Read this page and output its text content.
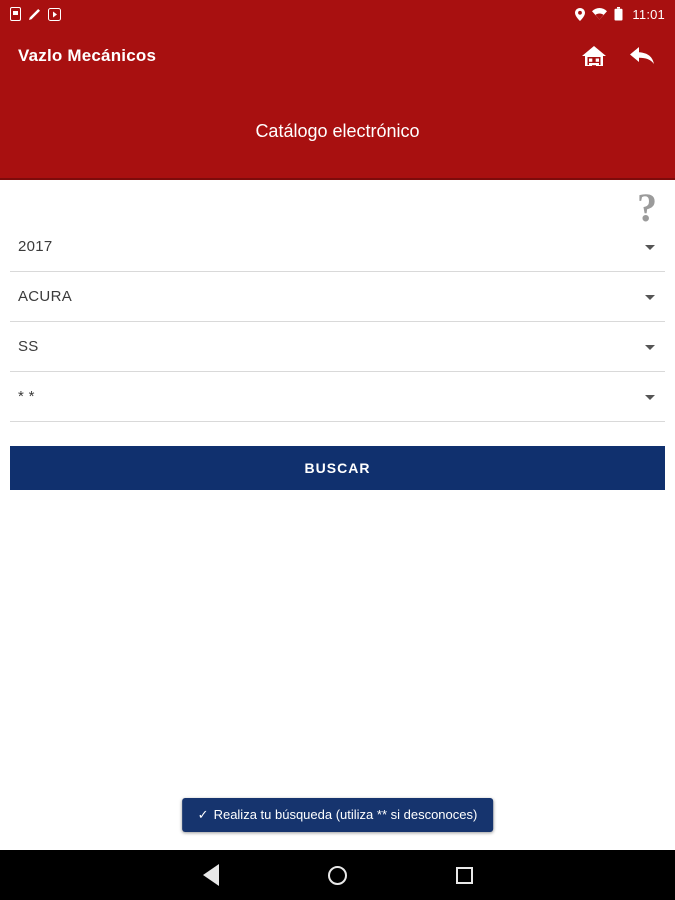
11:01
Vazlo Mecánicos
Catálogo electrónico
?
2017
ACURA
SS
* *
BUSCAR
✓ Realiza tu búsqueda (utiliza ** si desconoces)
